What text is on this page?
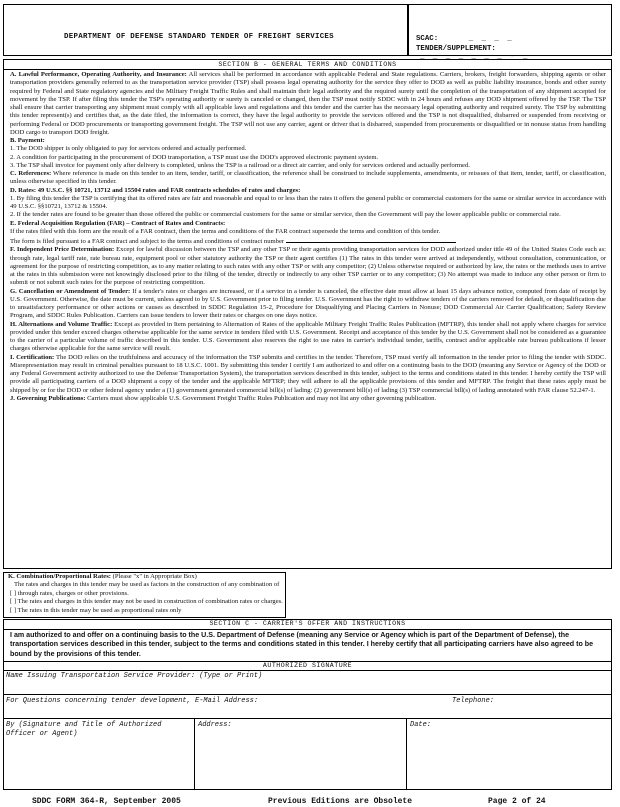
DEPARTMENT OF DEFENSE STANDARD TENDER OF FREIGHT SERVICES	SCAC:	_ _ _ _
TENDER/SUPPLEMENT: _ _ _ _ _ _ _ - _
SECTION B - GENERAL TERMS AND CONDITIONS

A. Lawful Performance, Operating Authority, and Insurance: All services shall be performed in accordance with applicable Federal and State regulations. Carriers, brokers, freight forwarders, shipping agents or other transportation providers generally referred to as the transportation service provider (TSP) shall possess legal operating authority for the service they offer to DOD as well as public liability insurance, bonds and other surety required by Federal and State regulatory agencies and the Military Freight Traffic Rules and shall maintain their legal authority and the required surety until the completion of the transportation of any shipment accepted for movement by the TSP. If after filing this tender the TSP's operating authority or surety is canceled or changed, then the TSP must notify SDDC with in 24 hours and refuses any DOD shipment offered by the TSP. The TSP shall ensure that carrier transporting any shipment must comply with all applicable laws and regulations and this tender and the carrier has the necessary legal operating authority and required surety. The TSP by submitting this tender represent(s) and certifies that, as the date filed, the information is correct, they have the legal authority to provide the services offered and the TSP is not disqualified, disbarred or suspended from receiving or performing Federal or DOD procurements or transporting government freight. The TSP will not use any carrier, agent or driver that is disbarred, suspended from procurements or disqualified or in nonuse status from handling DOD cargo to transport DOD freight.

B. Payment:

1. The DOD shipper is only obligated to pay for services ordered and actually performed.

2. A condition for participating in the procurement of DOD transportation, a TSP must use the DOD's approved electronic payment system.

3. The TSP shall invoice for payment only after delivery is completed, unless the TSP is a railroad or a direct air carrier, and only for services ordered and actually performed.

C. References: Where reference is made on this tender to an item, tender, tariff, or classification, the reference shall be construed to include supplements, amendments, or reissues of that item, tender, tariff, or classification, unless otherwise specified in this tender.

D. Rates: 49 U.S.C. §§ 10721, 13712 and 15504 rates and FAR contracts schedules of rates and charges:

1. By filing this tender the TSP is certifying that its offered rates are fair and reasonable and equal to or less than the rates it offers the general public or commercial customers for the same or similar service in accordance with 49 U.S.C. §§10721, 13712 & 15504.

2. If the tender rates are found to be greater than those offered the public or commercial customers for the same or similar service, then the Government will pay the lower applicable public or commercial rate.

E. Federal Acquisition Regulation (FAR) – Contract of Rates and Contracts:

If the rates filed with this form are the result of a FAR contract, then the terms and conditions of the FAR contract supersede the terms and condition of this tender.

The form is filed pursuant to a FAR contract and subject to the terms and conditions of contract number

F. Independent Price Determination: Except for lawful discussion between the TSP and any other TSP or their agents providing transportation services for DOD authorized under title 49 of the United States Code such as: through rate, legal tariff rate, rate bureau rate, equipment pool or other statutory authority the TSP or their agent certifies (1) The rates in this tender were arrived at independently, without consultation, communication, or agreement for the purpose of restricting competition, as to any matter relating to such rates with any other TSP or with any competitor; (2) Unless otherwise required or authorized by law, the rates or the methods uses to arrive at the rates in this submission were not knowingly disclosed prior to the filing of the tender, directly or indirectly to any other TSP carrier or to any competitor; (3) No attempt was made to induce any other person or firm to submit or not submit such rates for the purpose of restricting competition.

G. Cancellation or Amendment of Tender: If a tender's rates or charges are increased, or if a service in a tender is canceled, the effective date must allow at least 15 days advance notice, computed from date of receipt by U.S. Government. Otherwise, the date must be current, unless agreed to by U.S. Government prior to filing tender. U.S. Government has the right to withdraw tenders of the carriers removed for default, or disqualification due to unsatisfactory performance or other actions or causes as described in SDDC Regulation 15-2, Procedure for Disqualifying and Placing Carriers in Nonuse; DOD Commercial Air Carrier Qualification; Safety Review Program, and SDDC Rules Publication. Carriers can issue tenders to lower their rates or charges on one days notice.

H. Alternations and Volume Traffic: Except as provided in Item pertaining to Alternation of Rates of the applicable Military Freight Traffic Rules Publication (MFTRP), this tender shall not apply where charges for service provided under this tender exceed charges otherwise applicable for the same service in tenders filed with U.S. Government. Receipt and acceptance of this tender by the U.S. Government shall not be considered as a guarantee to the carrier of a particular volume of traffic described in this tender. U.S. Government also reserves the right to use rates in carrier's individual tender, tariffs, contract and/or applicable rate bureau publications if lesser charges otherwise applicable for the same service will result.

I. Certification: The DOD relies on the truthfulness and accuracy of the information the TSP submits and certifies in the tender. Therefore, TSP must verify all information in the tender prior to filing the tender with SDDC. Misrepresentation may result in criminal penalties pursuant to 18 U.S.C. 1001. By submitting this tender I certify I am authorized to and offer on a continuing basis to the DOD (meaning any Service or Agency of the DOD or any Federal Government activity authorized to use the Defense Transportation System), the transportation services described in this tender, subject to the terms and conditions stated in this tender. I hereby certify the TSP will provide all participating carriers of a DOD shipment a copy of the tender and the applicable MFTRP; they will adhere to all the applicable provisions of this tender and MFTRP. The freight that these rates apply must be shipped by or for the DOD or other federal agency under a (1) government generated commercial bill(s) of lading: (2) government bill(s) of lading (3) TSP commercial bill(s) of lading annotated with FAR clause 52.247-1.

J. Governing Publications: Carriers must show applicable U.S. Government Freight Traffic Rules Publication and may not list any other governing publication.

K. Combination/Proportional Rates: (Please "x" in Appropriate Box)
The rates and charges in this tender may be used as factors in the construction of any combination of
[ ] through rates, charges or other provisions.
[ ] The rates and charges in this tender may not be used in construction of combination rates or charges.
[ ] The rates in this tender may be used as proportional rates only
SECTION C - CARRIER'S OFFER AND INSTRUCTIONS
I am authorized to and offer on a continuing basis to the U.S. Department of Defense (meaning any Service or Agency which is part of the Department of Defense), the transportation services described in this tender, subject to the terms and conditions stated in this tender. I hereby certify that all participating carriers have also agreed to be bound by the provisions of this tender.
AUTHORIZED SIGNATURE
Name Issuing Transportation Service Provider: (Type or Print)
For Questions concerning tender development, E-Mail Address:	Telephone:
By (Signature and Title of Authorized Officer or Agent)
Address:	Date:
SDDC FORM 364-R, September 2005	Previous Editions are Obsolete	Page 2 of 24
